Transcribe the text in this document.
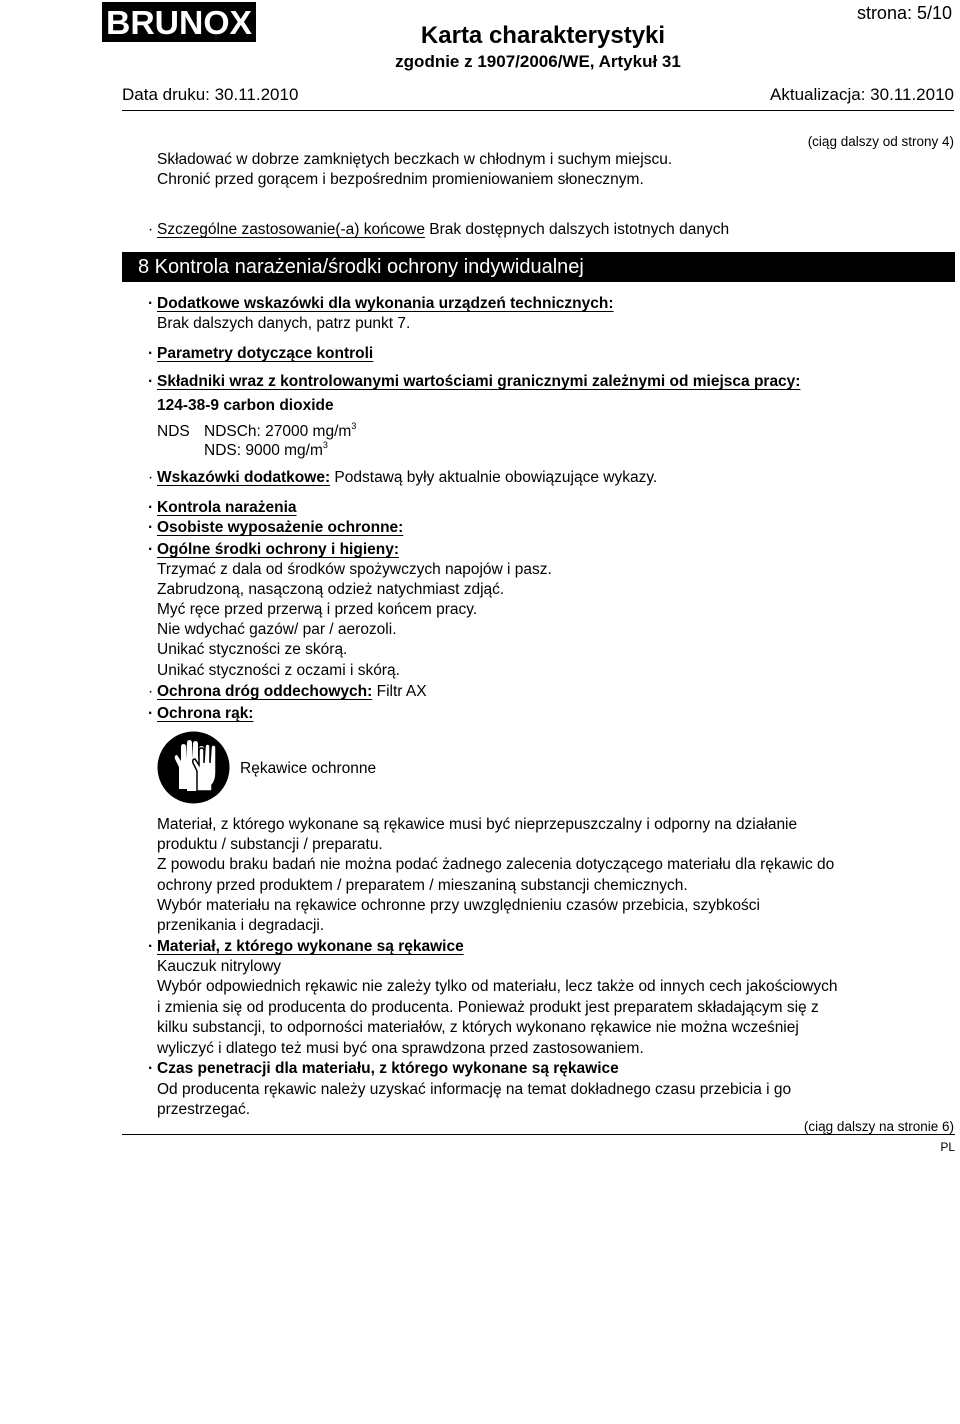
BRUNOX	strona: 5/10
Karta charakterystyki
zgodnie z 1907/2006/WE, Artykuł 31
Data druku: 30.11.2010	Aktualizacja: 30.11.2010
(ciąg dalszy od strony 4)
Składować w dobrze zamkniętych beczkach w chłodnym i suchym miejscu.
Chronić przed gorącem i bezpośrednim promieniowaniem słonecznym.
· Szczególne zastosowanie(-a) końcowe Brak dostępnych dalszych istotnych danych
8 Kontrola narażenia/środki ochrony indywidualnej
· Dodatkowe wskazówki dla wykonania urządzeń technicznych:
Brak dalszych danych, patrz punkt 7.
· Parametry dotyczące kontroli
· Składniki wraz z kontrolowanymi wartościami granicznymi zależnymi od miejsca pracy:
124-38-9 carbon dioxide
NDS NDSCh: 27000 $mg/m^3$
NDS: 9000 $mg/m^3$
· Wskazówki dodatkowe: Podstawą były aktualnie obowiązujące wykazy.
· Kontrola narażenia
· Osobiste wyposażenie ochronne:
· Ogólne środki ochrony i higieny:
Trzymać z dala od środków spożywczych napojów i pasz.
Zabrudzoną, nasączoną odzież natychmiast zdjąć.
Myć ręce przed przerwą i przed końcem pracy.
Nie wdychać gazów/ par / aerozoli.
Unikać styczności ze skórą.
Unikać styczności z oczami i skórą.
· Ochrona dróg oddechowych: Filtr AX
· Ochrona rąk:
Rękawice ochronne
Materiał, z którego wykonane są rękawice musi być nieprzepuszczalny i odporny na działanie
produktu / substancji / preparatu.
Z powodu braku badań nie można podać żadnego zalecenia dotyczącego materiału dla rękawic do
ochrony przed produktem / preparatem / mieszaniną substancji chemicznych.
Wybór materiału na rękawice ochronne przy uwzględnieniu czasów przebicia, szybkości
przenikania i degradacji.
· Materiał, z którego wykonane są rękawice
Kauczuk nitrylowy
Wybór odpowiednich rękawic nie zależy tylko od materiału, lecz także od innych cech jakościowych
i zmienia się od producenta do producenta. Ponieważ produkt jest preparatem składającym się z
kilku substancji, to odporności materiałów, z których wykonano rękawice nie można wcześniej
wyliczyć i dlatego też musi być ona sprawdzona przed zastosowaniem.
· Czas penetracji dla materiału, z którego wykonane są rękawice
Od producenta rękawic należy uzyskać informację na temat dokładnego czasu przebicia i go
przestrzegać.
(ciąg dalszy na stronie 6)
PL
